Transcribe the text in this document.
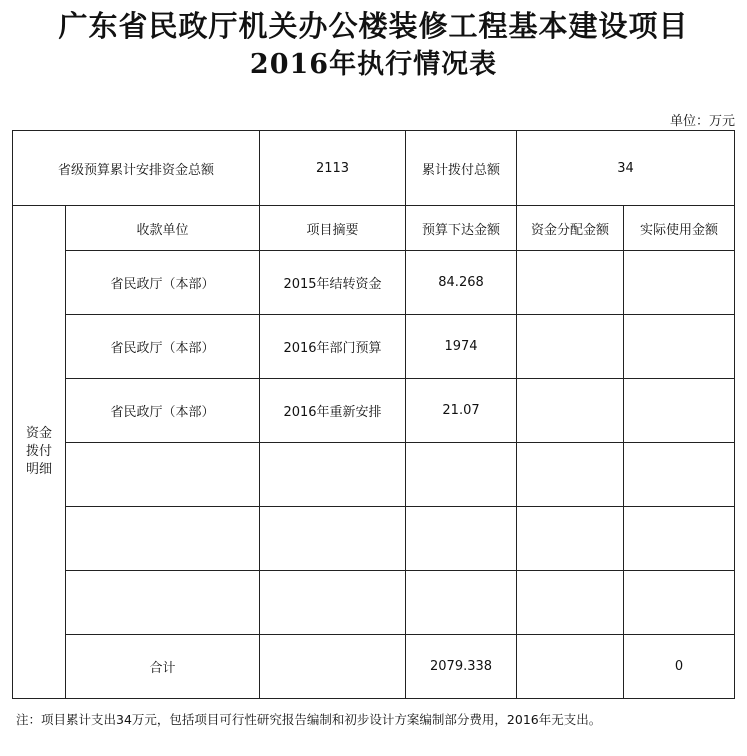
广东省民政厅机关办公楼装修工程基本建设项目
2016年执行情况表
单位：万元
省级预算累计安排资金总额		2113	累计拨付总额	34	

资金
拨付
明细	收款单位	项目摘要	预算下达金额	资金分配金额	实际使用金额
	省民政厅（本部）	2015年结转资金	84.268		
	省民政厅（本部）	2016年部门预算	1974		
	省民政厅（本部）	2016年重新安排	21.07		

	合计		2079.338		0
注：项目累计支出34万元，包括项目可行性研究报告编制和初步设计方案编制部分费用，2016年无支出。
